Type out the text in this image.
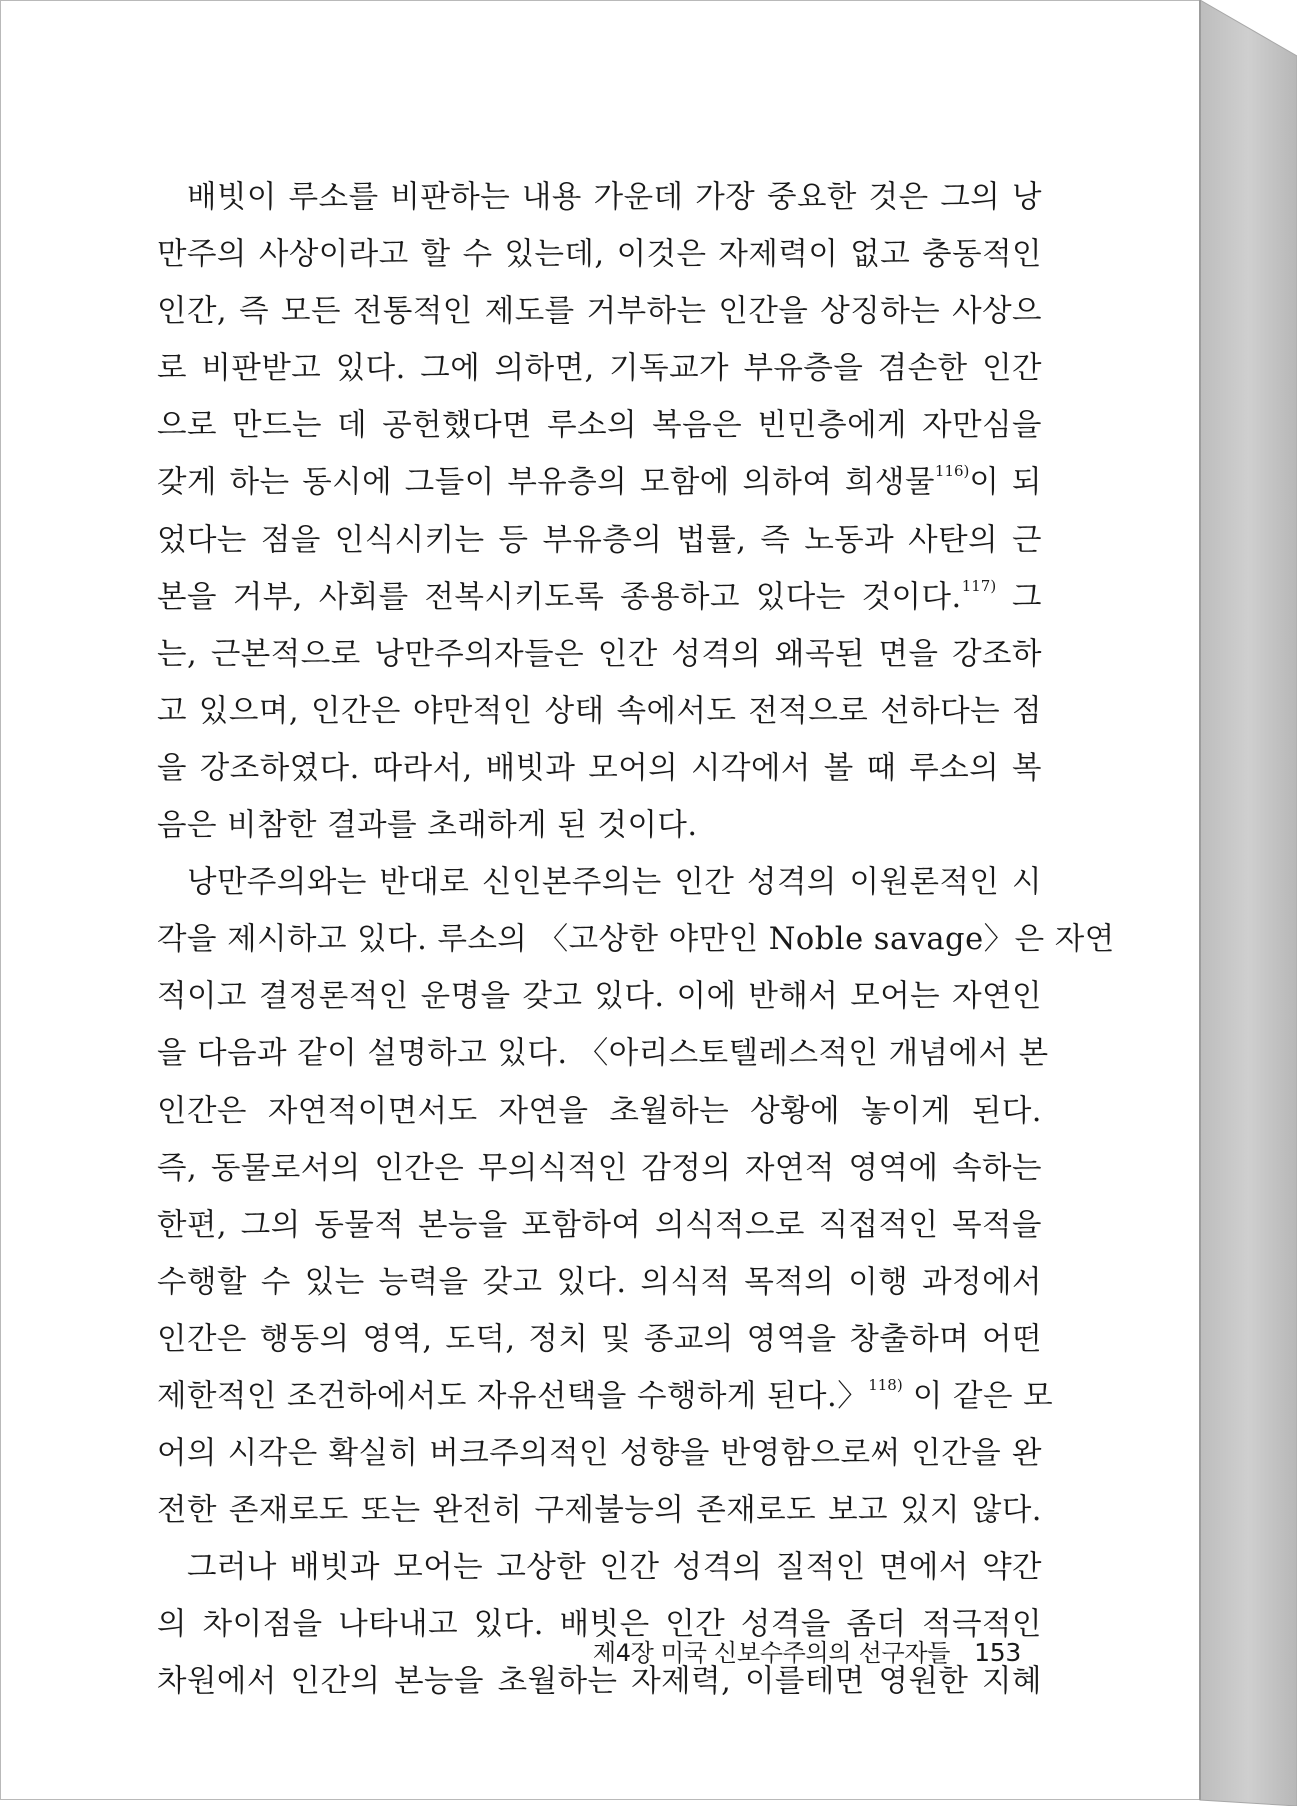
배빗이 루소를 비판하는 내용 가운데 가장 중요한 것은 그의 낭
만주의 사상이라고 할 수 있는데, 이것은 자제력이 없고 충동적인
인간, 즉 모든 전통적인 제도를 거부하는 인간을 상징하는 사상으
로 비판받고 있다. 그에 의하면, 기독교가 부유층을 겸손한 인간
으로 만드는 데 공헌했다면 루소의 복음은 빈민층에게 자만심을
갖게 하는 동시에 그들이 부유층의 모함에 의하여 희생물$^{116)}$이 되
었다는 점을 인식시키는 등 부유층의 법률, 즉 노동과 사탄의 근
본을 거부, 사회를 전복시키도록 종용하고 있다는 것이다.$^{117)}$ 그
는, 근본적으로 낭만주의자들은 인간 성격의 왜곡된 면을 강조하
고 있으며, 인간은 야만적인 상태 속에서도 전적으로 선하다는 점
을 강조하였다. 따라서, 배빗과 모어의 시각에서 볼 때 루소의 복
음은 비참한 결과를 초래하게 된 것이다.
낭만주의와는 반대로 신인본주의는 인간 성격의 이원론적인 시
각을 제시하고 있다. 루소의 〈고상한 야만인 Noble savage〉은 자연
적이고 결정론적인 운명을 갖고 있다. 이에 반해서 모어는 자연인
을 다음과 같이 설명하고 있다. 〈아리스토텔레스적인 개념에서 본
인간은 자연적이면서도 자연을 초월하는 상황에 놓이게 된다.
즉, 동물로서의 인간은 무의식적인 감정의 자연적 영역에 속하는
한편, 그의 동물적 본능을 포함하여 의식적으로 직접적인 목적을
수행할 수 있는 능력을 갖고 있다. 의식적 목적의 이행 과정에서
인간은 행동의 영역, 도덕, 정치 및 종교의 영역을 창출하며 어떤
제한적인 조건하에서도 자유선택을 수행하게 된다.〉$^{118)}$ 이 같은 모
어의 시각은 확실히 버크주의적인 성향을 반영함으로써 인간을 완
전한 존재로도 또는 완전히 구제불능의 존재로도 보고 있지 않다.
그러나 배빗과 모어는 고상한 인간 성격의 질적인 면에서 약간
의 차이점을 나타내고 있다. 배빗은 인간 성격을 좀더 적극적인
차원에서 인간의 본능을 초월하는 자제력, 이를테면 영원한 지혜
제4장 미국 신보수주의의 선구자들 153
